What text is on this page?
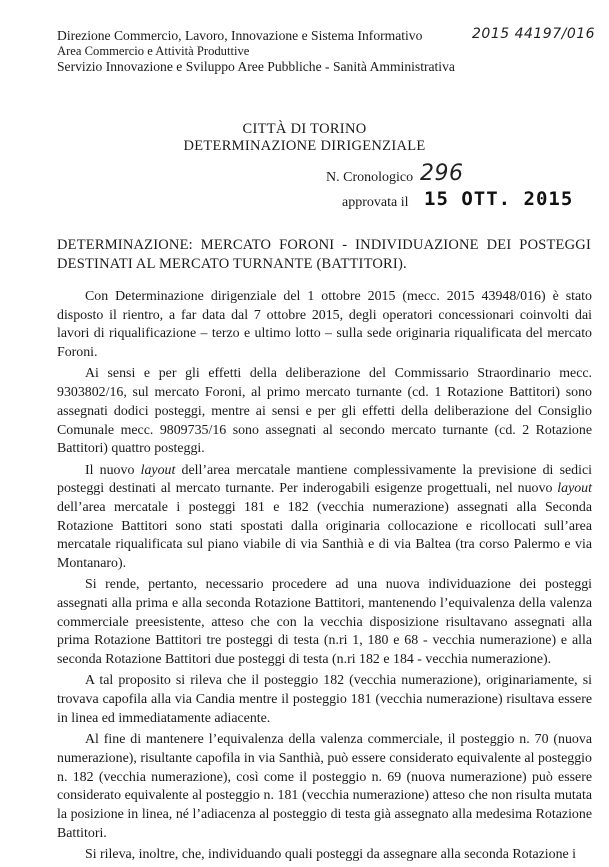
Direzione Commercio, Lavoro, Innovazione e Sistema Informativo
Area Commercio e Attività Produttive
Servizio Innovazione e Sviluppo Aree Pubbliche - Sanità Amministrativa
2015 44197/016
CITTÀ DI TORINO
DETERMINAZIONE DIRIGENZIALE
N. Cronologico 296
approvata il 15 OTT. 2015
DETERMINAZIONE: MERCATO FORONI - INDIVIDUAZIONE DEI POSTEGGI DESTINATI AL MERCATO TURNANTE (BATTITORI).

Con Determinazione dirigenziale del 1 ottobre 2015 (mecc. 2015 43948/016) è stato disposto il rientro, a far data dal 7 ottobre 2015, degli operatori concessionari coinvolti dai lavori di riqualificazione – terzo e ultimo lotto – sulla sede originaria riqualificata del mercato Foroni.

Ai sensi e per gli effetti della deliberazione del Commissario Straordinario mecc. 9303802/16, sul mercato Foroni, al primo mercato turnante (cd. 1 Rotazione Battitori) sono assegnati dodici posteggi, mentre ai sensi e per gli effetti della deliberazione del Consiglio Comunale mecc. 9809735/16 sono assegnati al secondo mercato turnante (cd. 2 Rotazione Battitori) quattro posteggi.

Il nuovo layout dell’area mercatale mantiene complessivamente la previsione di sedici posteggi destinati al mercato turnante. Per inderogabili esigenze progettuali, nel nuovo layout dell’area mercatale i posteggi 181 e 182 (vecchia numerazione) assegnati alla Seconda Rotazione Battitori sono stati spostati dalla originaria collocazione e ricollocati sull’area mercatale riqualificata sul piano viabile di via Santhià e di via Baltea (tra corso Palermo e via Montanaro).

Si rende, pertanto, necessario procedere ad una nuova individuazione dei posteggi assegnati alla prima e alla seconda Rotazione Battitori, mantenendo l’equivalenza della valenza commerciale preesistente, atteso che con la vecchia disposizione risultavano assegnati alla prima Rotazione Battitori tre posteggi di testa (n.ri 1, 180 e 68 - vecchia numerazione) e alla seconda Rotazione Battitori due posteggi di testa (n.ri 182 e 184 - vecchia numerazione).

A tal proposito si rileva che il posteggio 182 (vecchia numerazione), originariamente, si trovava capofila alla via Candia mentre il posteggio 181 (vecchia numerazione) risultava essere in linea ed immediatamente adiacente.

Al fine di mantenere l’equivalenza della valenza commerciale, il posteggio n. 70 (nuova numerazione), risultante capofila in via Santhià, può essere considerato equivalente al posteggio n. 182 (vecchia numerazione), così come il posteggio n. 69 (nuova numerazione) può essere considerato equivalente al posteggio n. 181 (vecchia numerazione) atteso che non risulta mutata la posizione in linea, né l’adiacenza al posteggio di testa già assegnato alla medesima Rotazione Battitori.

Si rileva, inoltre, che, individuando quali posteggi da assegnare alla seconda Rotazione i
